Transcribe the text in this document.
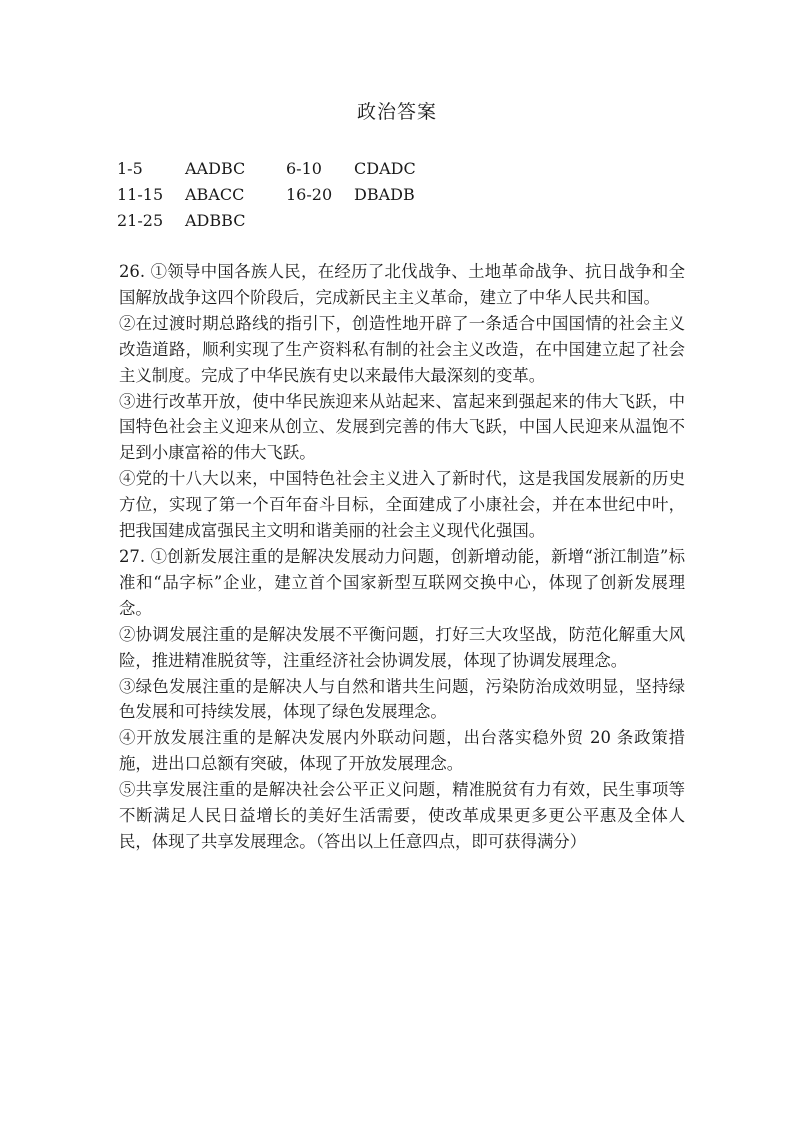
政治答案
1-5	AADBC	6-10	CDADC
11-15	ABACC	16-20	DBADB
21-25	ADBBC

26. ①领导中国各族人民，在经历了北伐战争、土地革命战争、抗日战争和全国解放战争这四个阶段后，完成新民主主义革命，建立了中华人民共和国。

②在过渡时期总路线的指引下，创造性地开辟了一条适合中国国情的社会主义改造道路，顺利实现了生产资料私有制的社会主义改造，在中国建立起了社会主义制度。完成了中华民族有史以来最伟大最深刻的变革。

③进行改革开放，使中华民族迎来从站起来、富起来到强起来的伟大飞跃，中国特色社会主义迎来从创立、发展到完善的伟大飞跃，中国人民迎来从温饱不足到小康富裕的伟大飞跃。

④党的十八大以来，中国特色社会主义进入了新时代，这是我国发展新的历史方位，实现了第一个百年奋斗目标，全面建成了小康社会，并在本世纪中叶，把我国建成富强民主文明和谐美丽的社会主义现代化强国。

27. ①创新发展注重的是解决发展动力问题，创新增动能，新增“浙江制造”标准和“品字标”企业，建立首个国家新型互联网交换中心，体现了创新发展理念。

②协调发展注重的是解决发展不平衡问题，打好三大攻坚战，防范化解重大风险，推进精准脱贫等，注重经济社会协调发展，体现了协调发展理念。

③绿色发展注重的是解决人与自然和谐共生问题，污染防治成效明显，坚持绿色发展和可持续发展，体现了绿色发展理念。

④开放发展注重的是解决发展内外联动问题，出台落实稳外贸 20 条政策措施，进出口总额有突破，体现了开放发展理念。

⑤共享发展注重的是解决社会公平正义问题，精准脱贫有力有效，民生事项等不断满足人民日益增长的美好生活需要，使改革成果更多更公平惠及全体人民，体现了共享发展理念。（答出以上任意四点，即可获得满分）
